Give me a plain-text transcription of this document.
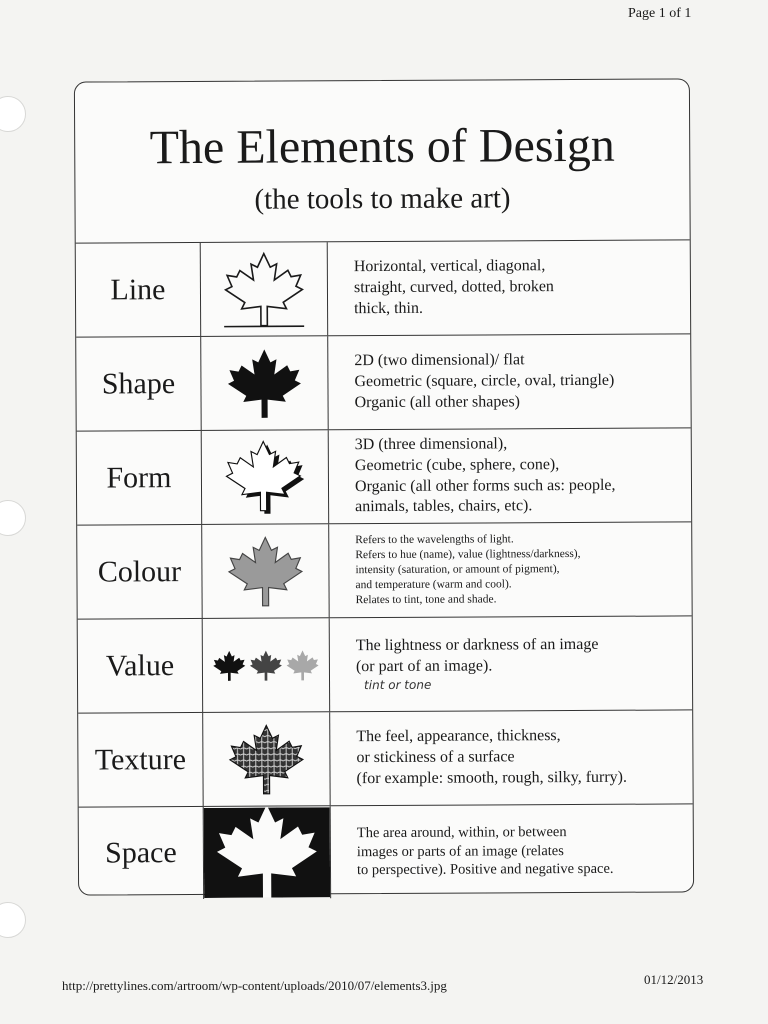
Page 1 of 1
The Elements of Design
(the tools to make art)
Line
Horizontal, vertical, diagonal,
straight, curved, dotted, broken
thick, thin.
Shape
2D (two dimensional)/ flat
Geometric (square, circle, oval, triangle)
Organic (all other shapes)
Form
3D (three dimensional),
Geometric (cube, sphere, cone),
Organic (all other forms such as: people,
animals, tables, chairs, etc).
Colour
Refers to the wavelengths of light.
Refers to hue (name), value (lightness/darkness),
intensity (saturation, or amount of pigment),
and temperature (warm and cool).
Relates to tint, tone and shade.
Value
The lightness or darkness of an image
(or part of an image).
tint or tone
Texture
The feel, appearance, thickness,
or stickiness of a surface
(for example: smooth, rough, silky, furry).
Space
The area around, within, or between
images or parts of an image (relates
to perspective). Positive and negative space.
http://prettylines.com/artroom/wp-content/uploads/2010/07/elements3.jpg	01/12/2013
